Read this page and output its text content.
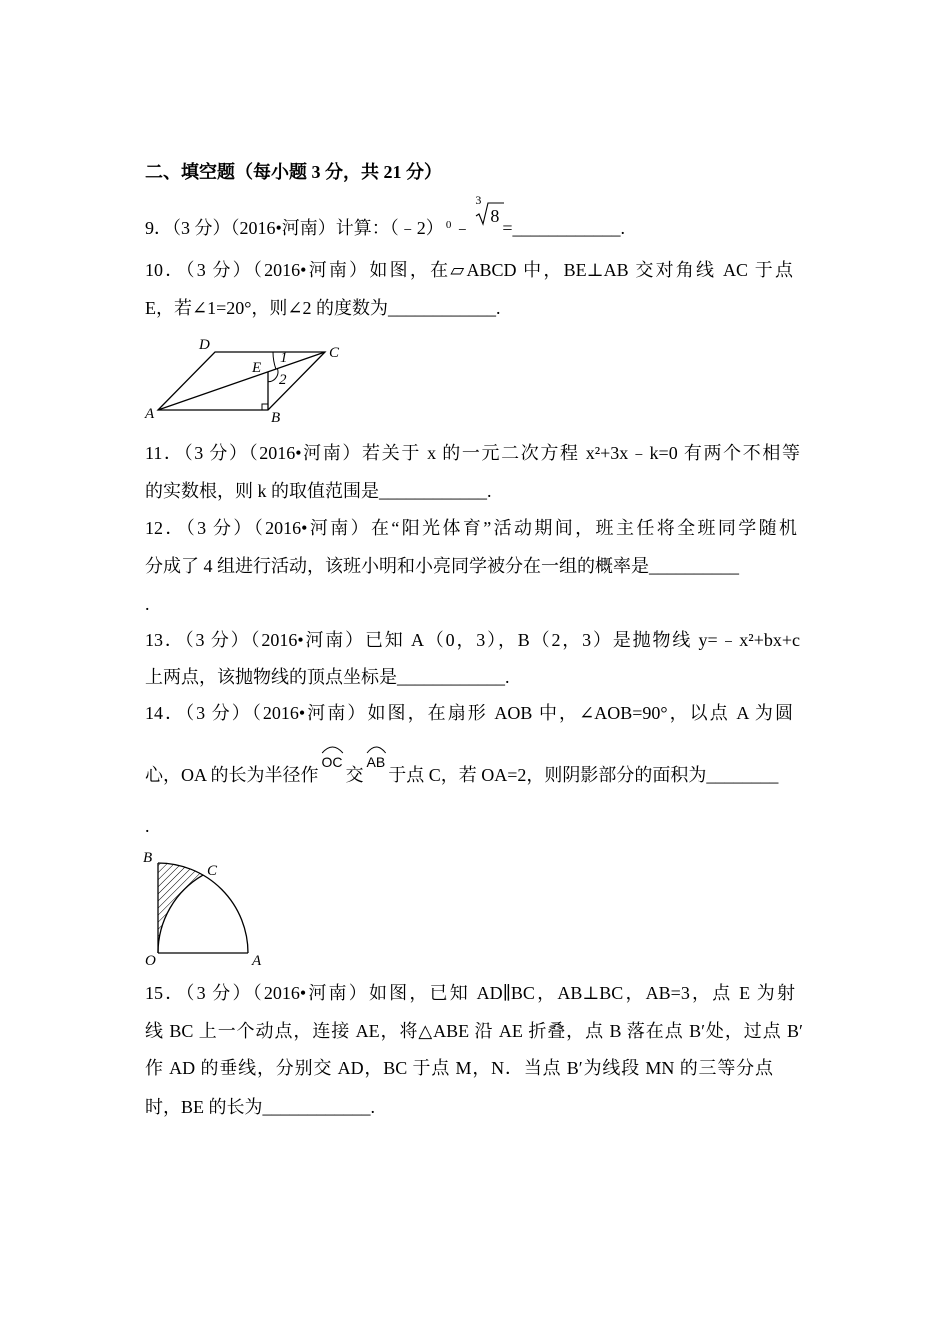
二、填空题（每小题 3 分，共 21 分）
9．（3 分）（2016•河南）计算：（﹣2） $^0$ ﹣
3
8=____________.
10．（3 分）（2016•河南）如图，在▱ABCD 中，BE⊥AB 交对角线 AC 于点
E，若∠1=20°，则∠2 的度数为____________.
D	C
E
A	B
1
2
11．（3 分）（2016•河南）若关于 x 的一元二次方程 x²+3x﹣k=0 有两个不相等
的实数根，则 k 的取值范围是____________.
12．（3 分）（2016•河南）在“阳光体育”活动期间，班主任将全班同学随机
分成了 4 组进行活动，该班小明和小亮同学被分在一组的概率是__________
.
13．（3 分）（2016•河南）已知 A（0，3），B（2，3）是抛物线 y=﹣x²+bx+c
上两点，该抛物线的顶点坐标是____________.
14．（3 分）（2016•河南）如图，在扇形 AOB 中，∠AOB=90°，以点 A 为圆
心，OA 的长为半径作
OC交
AB于点 C，若 OA=2，则阴影部分的面积为________
.
B
C
O	A
15．（3 分）（2016•河南）如图，已知 AD∥BC，AB⊥BC，AB=3，点 E 为射
线 BC 上一个动点，连接 AE，将△ABE 沿 AE 折叠，点 B 落在点 B′处，过点 B′
作 AD 的垂线，分别交 AD，BC 于点 M，N．当点 B′为线段 MN 的三等分点
时，BE 的长为____________.
